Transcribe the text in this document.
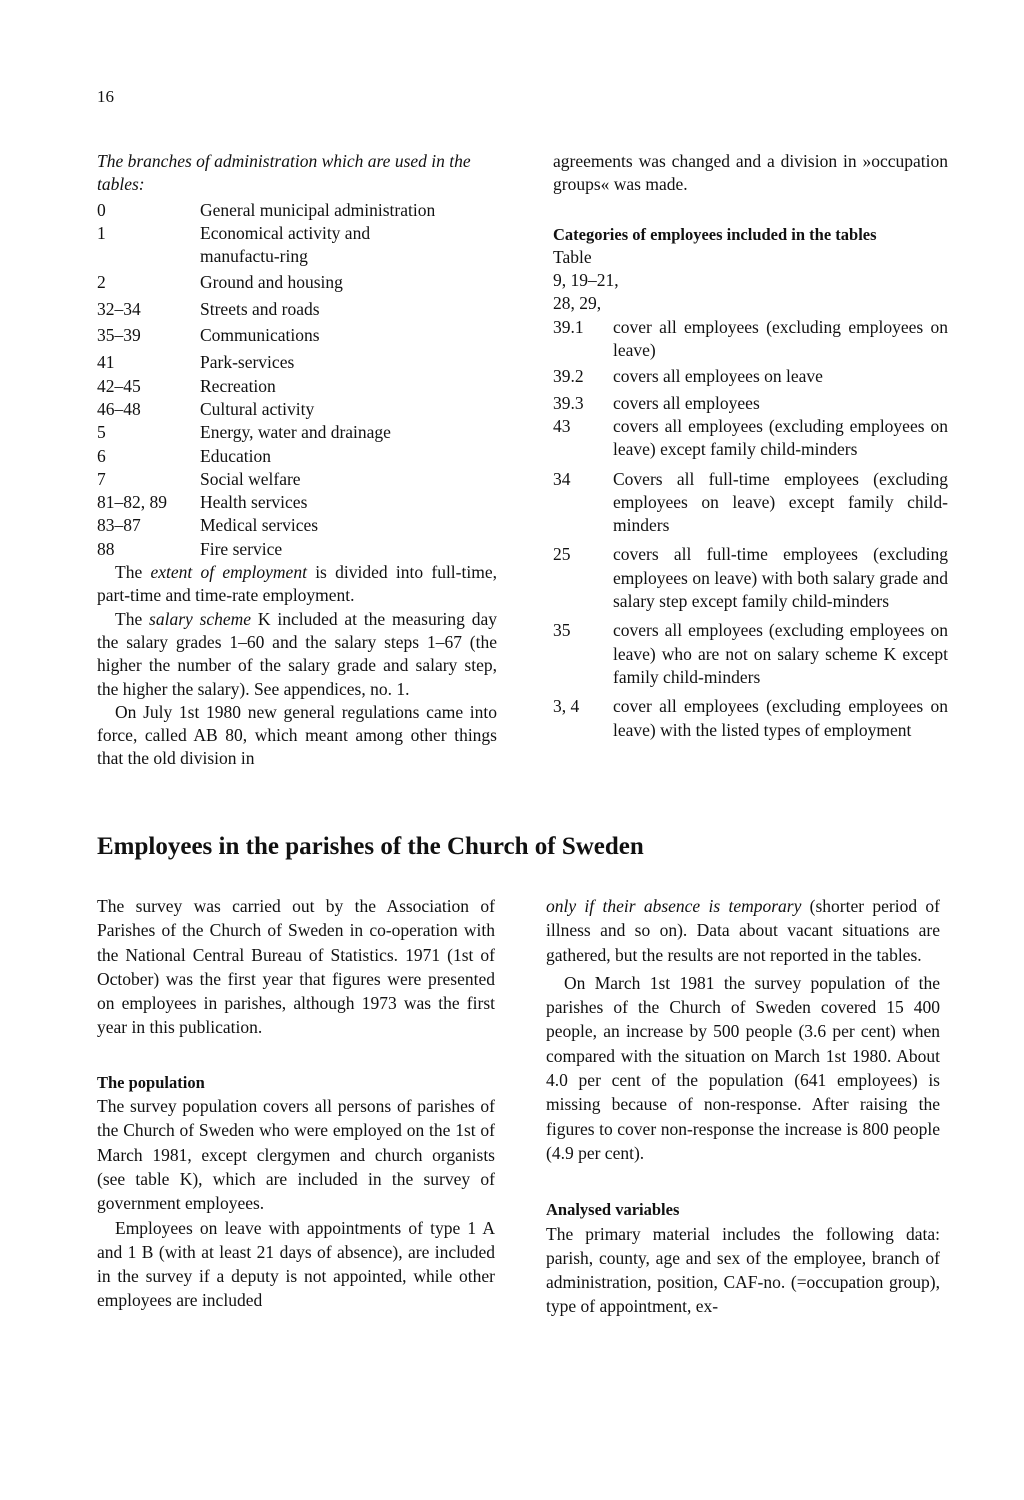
16

The branches of administration which are used in the tables:

0	General municipal administration
1	Economical activity and manufactu-ring
2	Ground and housing
32–34	Streets and roads
35–39	Communications
41	Park-services
42–45	Recreation
46–48	Cultural activity
5	Energy, water and drainage
6	Education
7	Social welfare
81–82, 89	Health services
83–87	Medical services
88	Fire service

The extent of employment is divided into full-time, part-time and time-rate employment.

The salary scheme K included at the measuring day the salary grades 1–60 and the salary steps 1–67 (the higher the number of the salary grade and salary step, the higher the salary). See appendices, no. 1.

On July 1st 1980 new general regulations came into force, called AB 80, which meant among other things that the old division in

agreements was changed and a division in »occupation groups« was made.

Categories of employees included in the tables
Table
9, 19–21,
28, 29,
39.1	cover all employees (excluding employees on leave)
39.2	covers all employees on leave
39.3	covers all employees
43	covers all employees (excluding employees on leave) except family child-minders
34	Covers all full-time employees (excluding employees on leave) except family child-minders
25	covers all full-time employees (excluding employees on leave) with both salary grade and salary step except family child-minders
35	covers all employees (excluding employees on leave) who are not on salary scheme K except family child-minders
3, 4	cover all employees (excluding employees on leave) with the listed types of employment
Employees in the parishes of the Church of Sweden

The survey was carried out by the Association of Parishes of the Church of Sweden in co-operation with the National Central Bureau of Statistics. 1971 (1st of October) was the first year that figures were presented on employees in parishes, although 1973 was the first year in this publication.

The population

The survey population covers all persons of parishes of the Church of Sweden who were employed on the 1st of March 1981, except clergymen and church organists (see table K), which are included in the survey of government employees.

Employees on leave with appointments of type 1 A and 1 B (with at least 21 days of absence), are included in the survey if a deputy is not appointed, while other employees are included

only if their absence is temporary (shorter period of illness and so on). Data about vacant situations are gathered, but the results are not reported in the tables.

On March 1st 1981 the survey population of the parishes of the Church of Sweden covered 15 400 people, an increase by 500 people (3.6 per cent) when compared with the situation on March 1st 1980. About 4.0 per cent of the population (641 employees) is missing because of non-response. After raising the figures to cover non-response the increase is 800 people (4.9 per cent).

Analysed variables

The primary material includes the following data: parish, county, age and sex of the employee, branch of administration, position, CAF-no. (=occupation group), type of appointment, ex-
